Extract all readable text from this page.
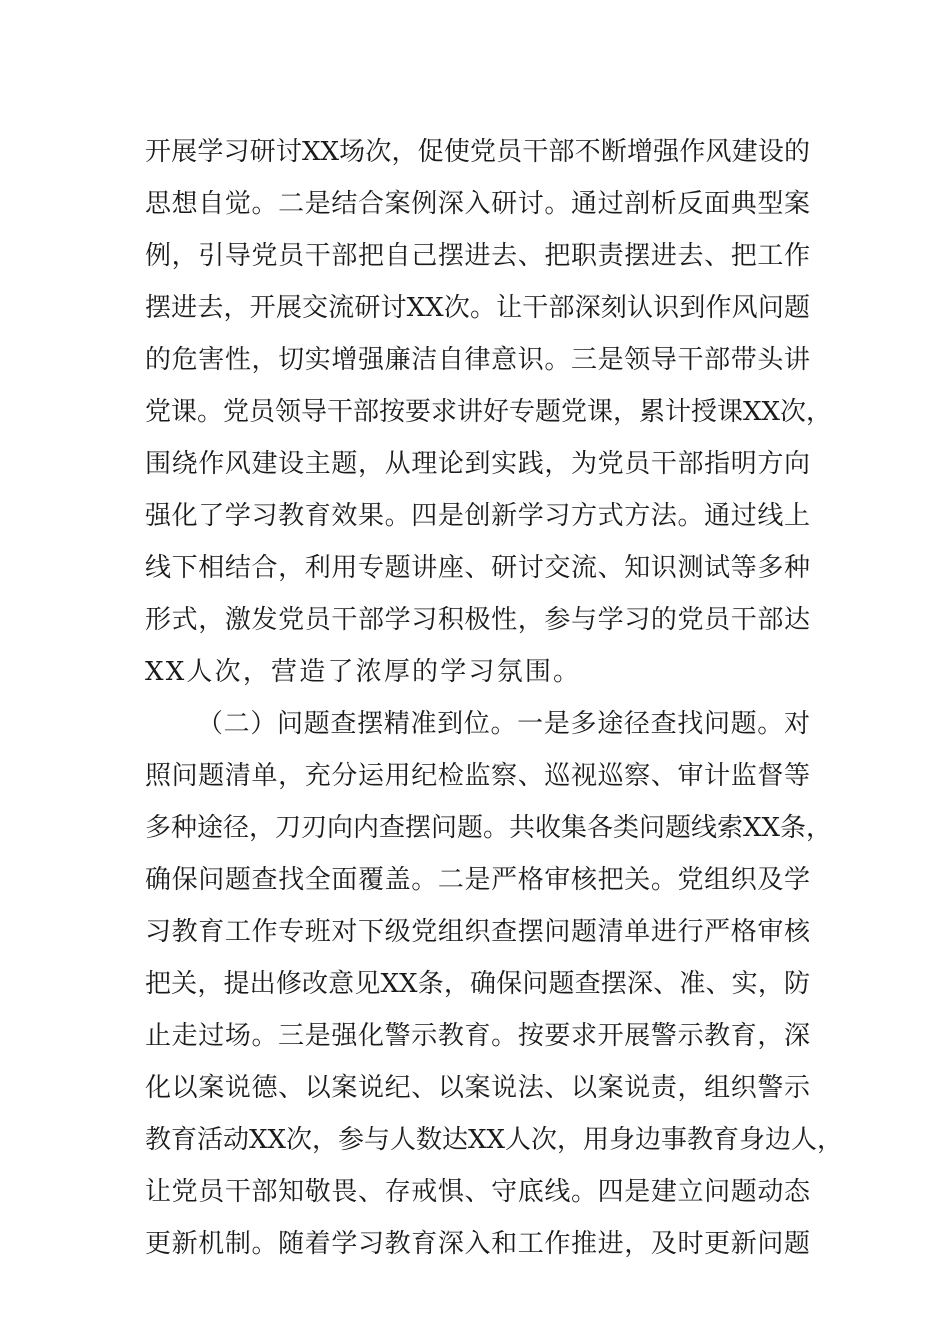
开展学习研讨XX场次，促使党员干部不断增强作风建设的
思想自觉。二是结合案例深入研讨。通过剖析反面典型案
例，引导党员干部把自己摆进去、把职责摆进去、把工作
摆进去，开展交流研讨XX次。让干部深刻认识到作风问题
的危害性，切实增强廉洁自律意识。三是领导干部带头讲
党课。党员领导干部按要求讲好专题党课，累计授课XX次，
围绕作风建设主题，从理论到实践，为党员干部指明方向
强化了学习教育效果。四是创新学习方式方法。通过线上
线下相结合，利用专题讲座、研讨交流、知识测试等多种
形式，激发党员干部学习积极性，参与学习的党员干部达
XX人次，营造了浓厚的学习氛围。
（二）问题查摆精准到位。一是多途径查找问题。对
照问题清单，充分运用纪检监察、巡视巡察、审计监督等
多种途径，刀刃向内查摆问题。共收集各类问题线索XX条，
确保问题查找全面覆盖。二是严格审核把关。党组织及学
习教育工作专班对下级党组织查摆问题清单进行严格审核
把关，提出修改意见XX条，确保问题查摆深、准、实，防
止走过场。三是强化警示教育。按要求开展警示教育，深
化以案说德、以案说纪、以案说法、以案说责，组织警示
教育活动XX次，参与人数达XX人次，用身边事教育身边人，
让党员干部知敬畏、存戒惧、守底线。四是建立问题动态
更新机制。随着学习教育深入和工作推进，及时更新问题
